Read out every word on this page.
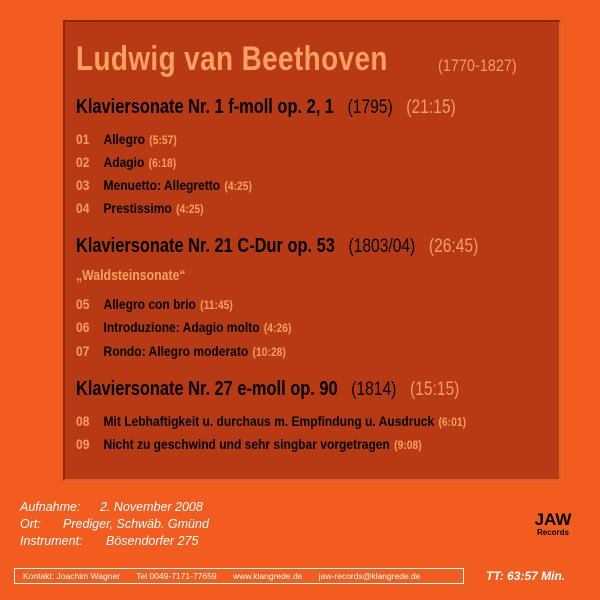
Ludwig van Beethoven	(1770-1827)
Klaviersonate Nr. 1 f-moll op. 2, 1 (1795) (21:15)
01 Allegro (5:57)
02 Adagio (6:18)
03 Menuetto: Allegretto (4:25)
04 Prestissimo (4:25)
Klaviersonate Nr. 21 C-Dur op. 53 (1803/04) (26:45)
„Waldsteinsonate“
05 Allegro con brio (11:45)
06 Introduzione: Adagio molto (4:26)
07 Rondo: Allegro moderato (10:28)
Klaviersonate Nr. 27 e-moll op. 90 (1814) (15:15)
08 Mit Lebhaftigkeit u. durchaus m. Empfindung u. Ausdruck (6:01)
09 Nicht zu geschwind und sehr singbar vorgetragen (9:08)
Aufnahme: 2. November 2008
Ort: Prediger, Schwäb. Gmünd
Instrument: Bösendorfer 275
JAW
Records
Kontakt: Joachim Wagner Tel 0049-7171-77659 www.klangrede.de jaw-records@klangrede.de	TT: 63:57 Min.
